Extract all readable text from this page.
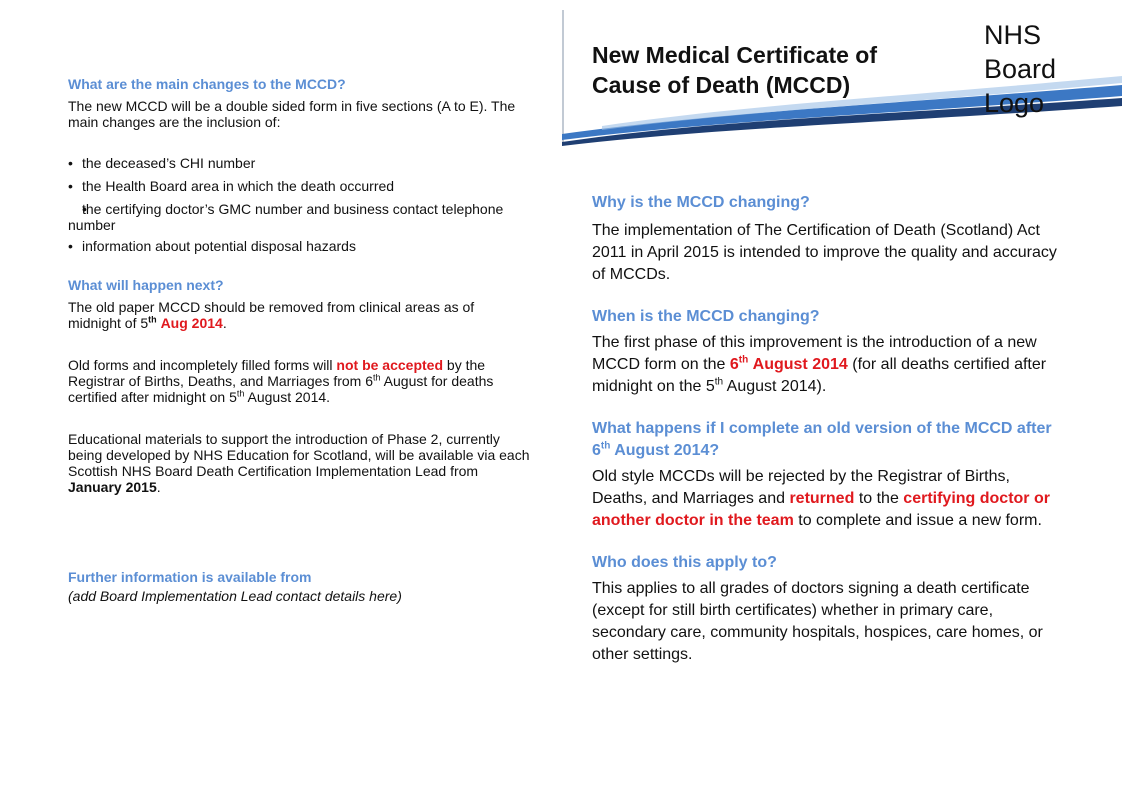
What are the main changes to the MCCD?

The new MCCD will be a double sided form in five sections (A to E). The main changes are the inclusion of:

• the deceased’s CHI number
• the Health Board area in which the death occurred
• the certifying doctor’s GMC number and business contact telephone number
• information about potential disposal hazards

What will happen next?

The old paper MCCD should be removed from clinical areas as of midnight of 5th Aug 2014.

Old forms and incompletely filled forms will not be accepted by the Registrar of Births, Deaths, and Marriages from 6th August for deaths certified after midnight on 5th August 2014.

Educational materials to support the introduction of Phase 2, currently being developed by NHS Education for Scotland, will be available via each Scottish NHS Board Death Certification Implementation Lead from January 2015.

Further information is available from

(add Board Implementation Lead contact details here)

New Medical Certificate of Cause of Death (MCCD)

NHS Board Logo

Why is the MCCD changing?

The implementation of The Certification of Death (Scotland) Act 2011 in April 2015 is intended to improve the quality and accuracy of MCCDs.

When is the MCCD changing?

The first phase of this improvement is the introduction of a new MCCD form on the 6th August 2014 (for all deaths certified after midnight on the 5th August 2014).

What happens if I complete an old version of the MCCD after 6th August 2014?

Old style MCCDs will be rejected by the Registrar of Births, Deaths, and Marriages and returned to the certifying doctor or another doctor in the team to complete and issue a new form.

Who does this apply to?

This applies to all grades of doctors signing a death certificate (except for still birth certificates) whether in primary care, secondary care, community hospitals, hospices, care homes, or other settings.
